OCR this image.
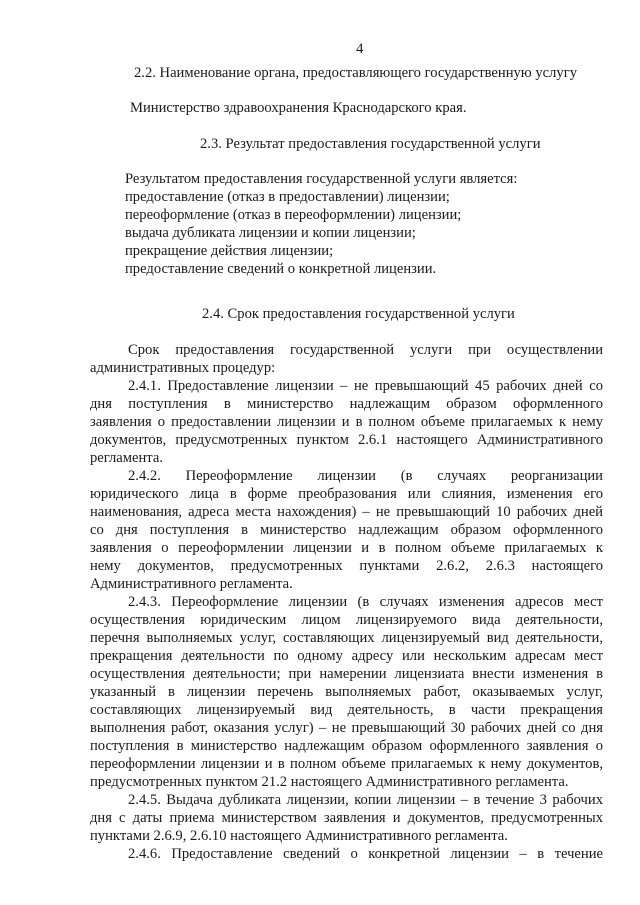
4
2.2. Наименование органа, предоставляющего государственную услугу
Министерство здравоохранения Краснодарского края.
2.3. Результат предоставления государственной услуги
Результатом предоставления государственной услуги является:
предоставление (отказ в предоставлении) лицензии;
переоформление (отказ в переоформлении) лицензии;
выдача дубликата лицензии и копии лицензии;
прекращение действия лицензии;
предоставление сведений о конкретной лицензии.
2.4. Срок предоставления государственной услуги
Срок предоставления государственной услуги при осуществлении
административных процедур:
2.4.1. Предоставление лицензии – не превышающий 45 рабочих дней со
дня поступления в министерство надлежащим образом оформленного
заявления о предоставлении лицензии и в полном объеме прилагаемых к нему
документов, предусмотренных пунктом 2.6.1 настоящего Административного
регламента.
2.4.2. Переоформление лицензии (в случаях реорганизации
юридического лица в форме преобразования или слияния, изменения его
наименования, адреса места нахождения) – не превышающий 10 рабочих дней
со дня поступления в министерство надлежащим образом оформленного
заявления о переоформлении лицензии и в полном объеме прилагаемых к
нему документов, предусмотренных пунктами 2.6.2, 2.6.3 настоящего
Административного регламента.
2.4.3. Переоформление лицензии (в случаях изменения адресов мест
осуществления юридическим лицом лицензируемого вида деятельности,
перечня выполняемых услуг, составляющих лицензируемый вид деятельности,
прекращения деятельности по одному адресу или нескольким адресам мест
осуществления деятельности; при намерении лицензиата внести изменения в
указанный в лицензии перечень выполняемых работ, оказываемых услуг,
составляющих лицензируемый вид деятельность, в части прекращения
выполнения работ, оказания услуг) – не превышающий 30 рабочих дней со дня
поступления в министерство надлежащим образом оформленного заявления о
переоформлении лицензии и в полном объеме прилагаемых к нему документов,
предусмотренных пунктом 21.2 настоящего Административного регламента.
2.4.5. Выдача дубликата лицензии, копии лицензии – в течение 3 рабочих
дня с даты приема министерством заявления и документов, предусмотренных
пунктами 2.6.9, 2.6.10 настоящего Административного регламента.
2.4.6. Предоставление сведений о конкретной лицензии – в течение
